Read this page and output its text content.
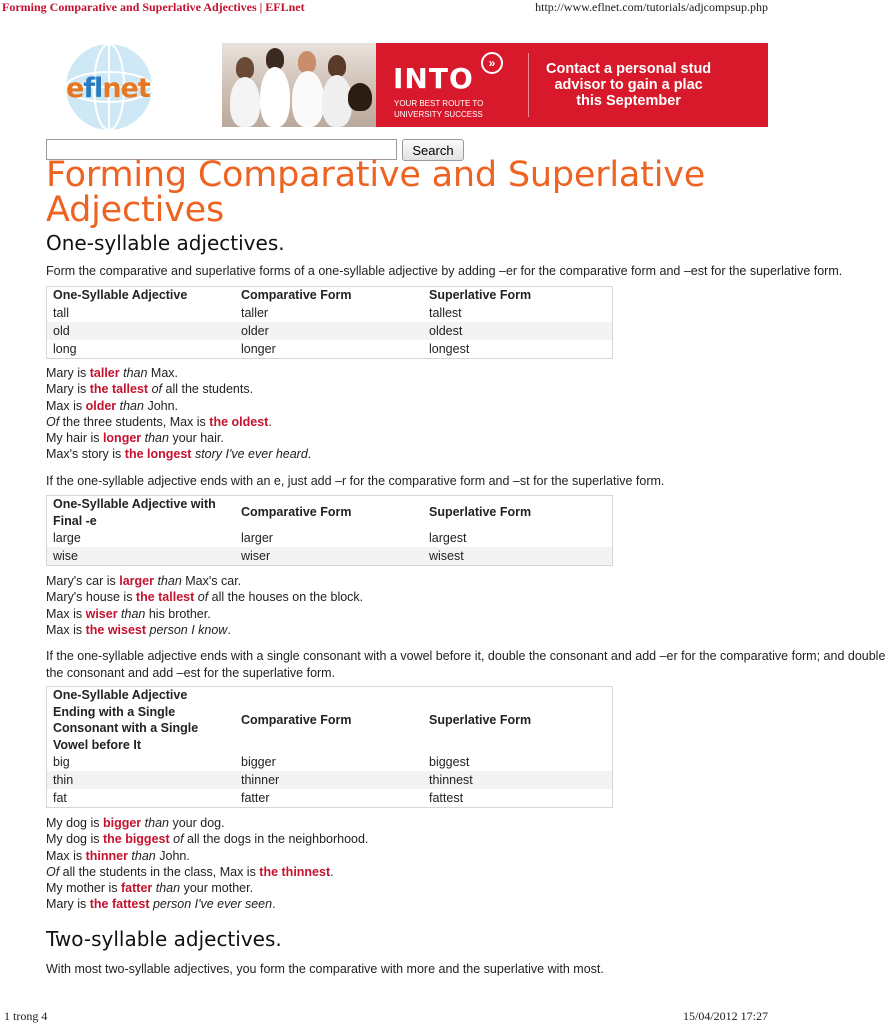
Forming Comparative and Superlative Adjectives | EFLnet	http://www.eflnet.com/tutorials/adjcompsup.php
eflnet	INTO	»
YOUR BEST ROUTE TO
UNIVERSITY SUCCESS
Contact a personal stud
advisor to gain a plac
this September
Search
Forming Comparative and Superlative Adjectives
One-syllable adjectives.

Form the comparative and superlative forms of a one-syllable adjective by adding –er for the comparative form and –est for the superlative form.

One-Syllable Adjective	Comparative Form	Superlative Form
tall	taller	tallest
old	older	oldest
long	longer	longest
Mary is taller than Max.
Mary is the tallest of all the students.
Max is older than John.
Of the three students, Max is the oldest.
My hair is longer than your hair.
Max's story is the longest story I've ever heard.

If the one-syllable adjective ends with an e, just add –r for the comparative form and –st for the superlative form.

One-Syllable Adjective with Final -e	Comparative Form	Superlative Form
large	larger	largest
wise	wiser	wisest
Mary's car is larger than Max's car.
Mary's house is the tallest of all the houses on the block.
Max is wiser than his brother.
Max is the wisest person I know.

If the one-syllable adjective ends with a single consonant with a vowel before it, double the consonant and add –er for the comparative form; and double

the consonant and add –est for the superlative form.

One-Syllable Adjective Ending with a Single Consonant with a Single Vowel before It	Comparative Form	Superlative Form
big	bigger	biggest
thin	thinner	thinnest
fat	fatter	fattest
My dog is bigger than your dog.
My dog is the biggest of all the dogs in the neighborhood.
Max is thinner than John.
Of all the students in the class, Max is the thinnest.
My mother is fatter than your mother.
Mary is the fattest person I've ever seen.
Two-syllable adjectives.

With most two-syllable adjectives, you form the comparative with more and the superlative with most.

1 trong 4	15/04/2012 17:27
